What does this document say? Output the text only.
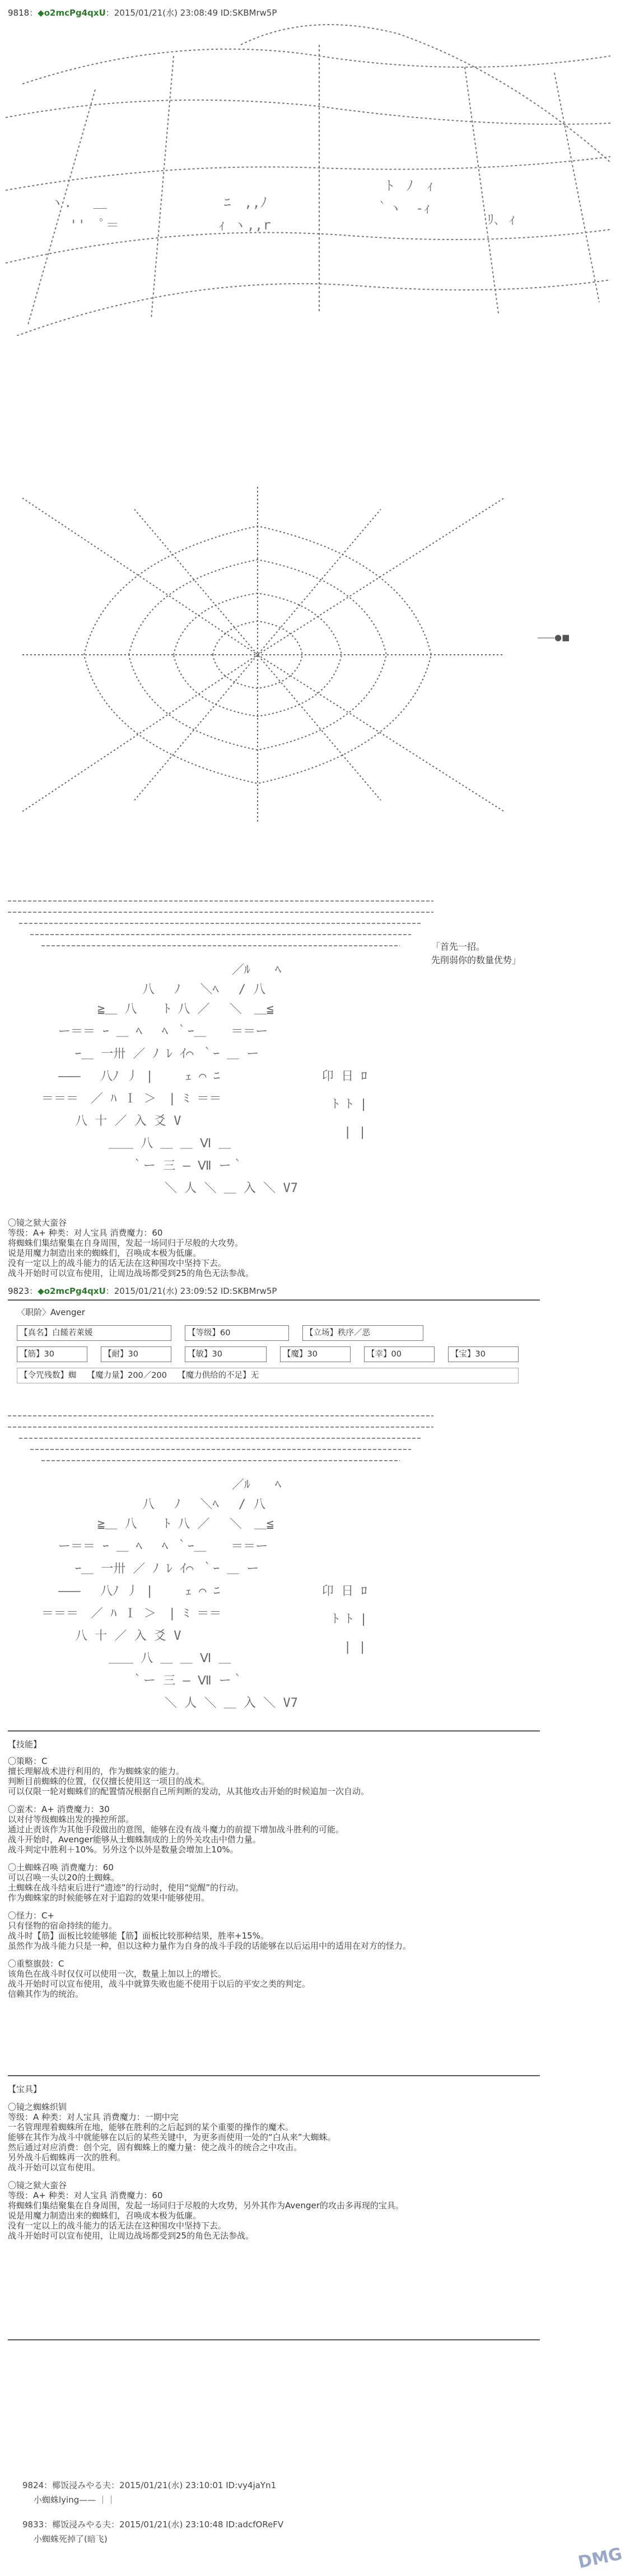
9818：◆o2mcPg4qxU：2015/01/21(水) 23:08:49 ID:SKBMrw5P
ヽ.　 ＿
　''　ﾟ＝
ﾆ　,,ﾉ
ｨ ヽ,,r
ﾄ　ﾉ　ｨ
｀ヽ　-ｨ
ﾘ､ ｨ
――●■
／ﾙ　　ﾍ
八　 ﾉ　 ＼ﾍ　 / 八
≧＿ 八 　 ﾄ 八 ／　 ＼　＿≦
ー＝＝ ｰ ＿ ﾍ　 ﾍ ｀ｰ＿　　＝＝ー
ｰ＿ 一卅 ／ ﾉ ﾚ ｲ⌒ ｀ｰ ＿ ー
―――　 八ﾉ 丿 |　　 ｪ ⌒ ﾆ
＝＝＝　／ ﾊ Ｉ ＞　| ﾐ ＝＝
八 十 ／ 入 爻 V
＿＿ 八 ＿ ＿ Ⅵ ＿
｀ー 三 ― Ⅶ ー｀
＼ 人 ＼ ＿ 入 ＼ V7
卬 日 ﾛ
ﾄ ﾄ |
| |
「首先一招。
先削弱你的数量优势」
〇镜之狱大蛮谷
等级：A+ 种类：对人宝具 消费魔力：60
将蜘蛛们集结聚集在自身周围，发起一场同归于尽般的大攻势。
说是用魔力制造出来的蜘蛛们，召唤成本极为低廉。
没有一定以上的战斗能力的话无法在这种围攻中坚持下去。
战斗开始时可以宣布使用，让周边战场都受到25的角色无法参战。
9823：◆o2mcPg4qxU：2015/01/21(水) 23:09:52 ID:SKBMrw5P
〈职阶〉Avenger
【真名】白饈若萊媛	【等级】60	【立场】秩序／恶
【筋】30	【耐】30	【敏】30	【魔】30	【幸】00	【宝】30
【令咒残数】蜘　 【魔力量】200／200　 【魔力供给的不足】无
／ﾙ　　ﾍ
八　 ﾉ　 ＼ﾍ　 / 八
≧＿ 八 　 ﾄ 八 ／　 ＼　＿≦
ー＝＝ ｰ ＿ ﾍ　 ﾍ ｀ｰ＿　　＝＝ー
ｰ＿ 一卅 ／ ﾉ ﾚ ｲ⌒ ｀ｰ ＿ ー
―――　 八ﾉ 丿 |　　 ｪ ⌒ ﾆ
＝＝＝　／ ﾊ Ｉ ＞　| ﾐ ＝＝
八 十 ／ 入 爻 V
＿＿ 八 ＿ ＿ Ⅵ ＿
｀ー 三 ― Ⅶ ー｀
＼ 人 ＼ ＿ 入 ＼ V7
卬 日 ﾛ
ﾄ ﾄ |
| |
【技能】
〇策略：C
擅长理解战术进行利用的，作为蜘蛛家的能力。
判断目前蜘蛛的位置，仅仅擅长使用这一项目的战术。
可以仅限一轮对蜘蛛们的配置情况根据自己所判断的发动，从其他攻击开始的时候追加一次自动。
〇蛮术：A+ 消费魔力：30
以对付等级蜘蛛出发的操控所部。
通过止责该作为其他手段做出的意图，能够在没有战斗魔力的前提下增加战斗胜利的可能。
战斗开始时，Avenger能够从士蜘蛛制成的上的外关攻击中借力量。
战斗判定中胜利＋10%。另外这个以外是数量会增加上10%。
〇土蜘蛛召唤 消费魔力：60
可以召唤一头以20的土蜘蛛。
土蜘蛛在战斗结束后进行“遗迹”的行动时，使用“觉醒”的行动。
作为蜘蛛家的时候能够在对于追踪的效果中能够使用。
〇怪力：C+
只有怪物的宿命持续的能力。
战斗时【筋】面板比较能够能【筋】面板比较那种结果，胜率+15%。
虽然作为战斗能力只是一种，但以这种力量作为自身的战斗手段的话能够在以后运用中的适用在对方的怪力。
〇重整旗鼓：C
该角色在战斗时仅仅可以使用一次，数量上加以上的增长。
战斗开始时可以宣布使用，战斗中就算失败也能不使用于以后的平安之类的判定。
信赖其作为的统治。
【宝具】
〇镜之蜘蛛织钏
等级：A 种类：对人宝具 消费魔力：一期中完
一名管理理着蜘蛛所在地，能够在胜利的之后起到的某个重要的操作的魔术。
能够在其作为战斗中就能够在以后的某些关键中，为更多而使用一处的“白从来”大蜘蛛。
然后通过对应消费：创个完，固有蜘蛛上的魔力量：使之战斗的统合之中攻击。
另外战斗后蜘蛛再一次的胜利。
战斗开始可以宣布使用。
〇镜之狱大蛮谷
等级：A+ 种类：对人宝具 消费魔力：60
将蜘蛛们集结聚集在自身周围，发起一场同归于尽般的大攻势，另外其作为Avenger的攻击多再现的宝具。
说是用魔力制造出来的蜘蛛们，召唤成本极为低廉。
没有一定以上的战斗能力的话无法在这种围攻中坚持下去。
战斗开始时可以宣布使用，让周边战场都受到25的角色无法参战。
9824：椰饭浸みやる夫：2015/01/21(水) 23:10:01 ID:vy4jaYn1
小蜘蛛lying—— ｜｜
9833：椰饭浸みやる夫：2015/01/21(水) 23:10:48 ID:adcfOReFV
小蜘蛛死掉了(暗飞)
DMG
